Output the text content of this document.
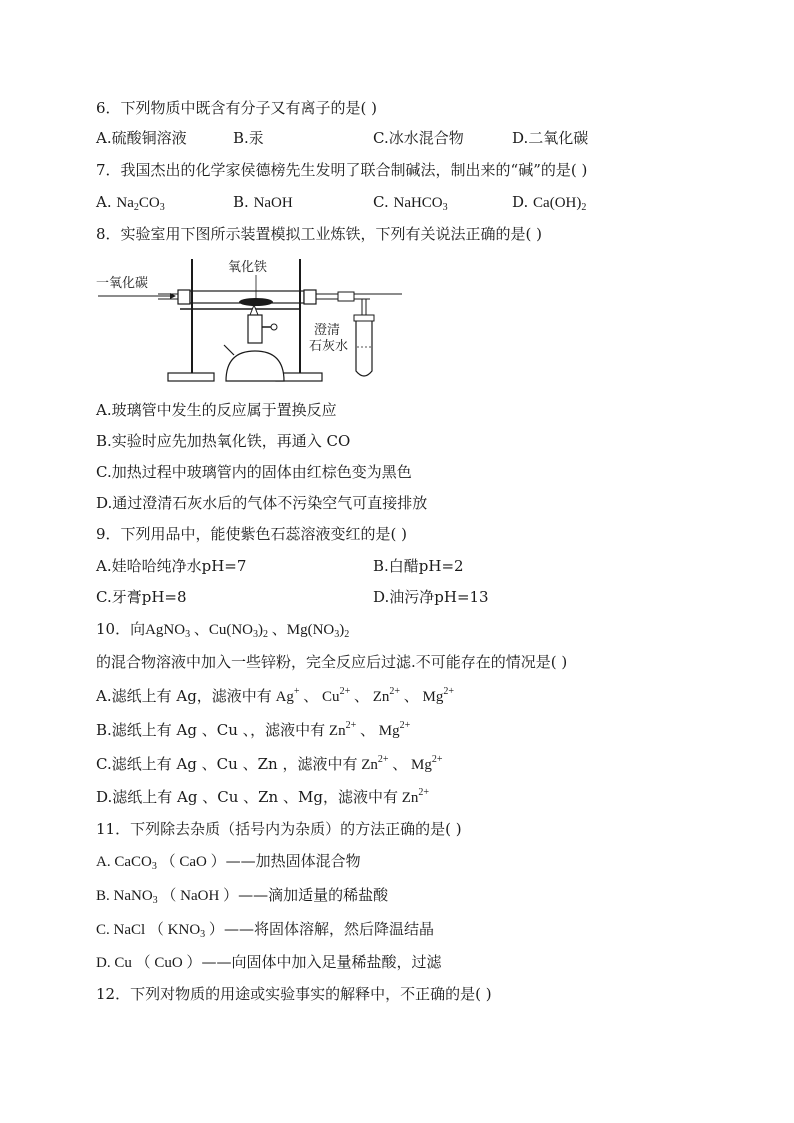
6．下列物质中既含有分子又有离子的是( )
A.硫酸铜溶液	B.汞	C.冰水混合物	D.二氧化碳
7．我国杰出的化学家侯德榜先生发明了联合制碱法，制出来的“碱”的是( )
A. $Na_2CO_3$	B. NaOH	C. NaHCO$_3$	D. $Ca(OH)_2$
8．实验室用下图所示装置模拟工业炼铁，下列有关说法正确的是( )
一氧化碳
氧化铁
澄清
石灰水
A.玻璃管中发生的反应属于置换反应
B.实验时应先加热氧化铁，再通入 CO
C.加热过程中玻璃管内的固体由红棕色变为黑色
D.通过澄清石灰水后的气体不污染空气可直接排放
9．下列用品中，能使紫色石蕊溶液变红的是( )
A.娃哈哈纯净水pH=7	B.白醋pH=2
C.牙膏pH=8	D.油污净pH=13
10．向AgNO$_3$ 、$Cu(NO_3)_2$ 、$Mg(NO_3)_2$
的混合物溶液中加入一些锌粉，完全反应后过滤.不可能存在的情况是( )
A.滤纸上有 Ag，滤液中有 Ag+ 、 $Cu^{2+}$ 、 $Zn^{2+}$ 、 $Mg^{2+}$
B.滤纸上有 Ag 、Cu 、，滤液中有 $Zn^{2+}$ 、 $Mg^{2+}$
C.滤纸上有 Ag 、Cu 、Zn ，滤液中有 $Zn^{2+}$ 、 $Mg^{2+}$
D.滤纸上有 Ag 、Cu 、Zn 、Mg，滤液中有 $Zn^{2+}$
11．下列除去杂质（括号内为杂质）的方法正确的是( )
A. CaCO$_3$ （ CaO ）——加热固体混合物
B. NaNO$_3$ （ NaOH ）——滴加适量的稀盐酸
C. NaCl （ $KNO_3$ ）——将固体溶解，然后降温结晶
D. Cu （ CuO ）——向固体中加入足量稀盐酸，过滤
12．下列对物质的用途或实验事实的解释中，不正确的是( )
